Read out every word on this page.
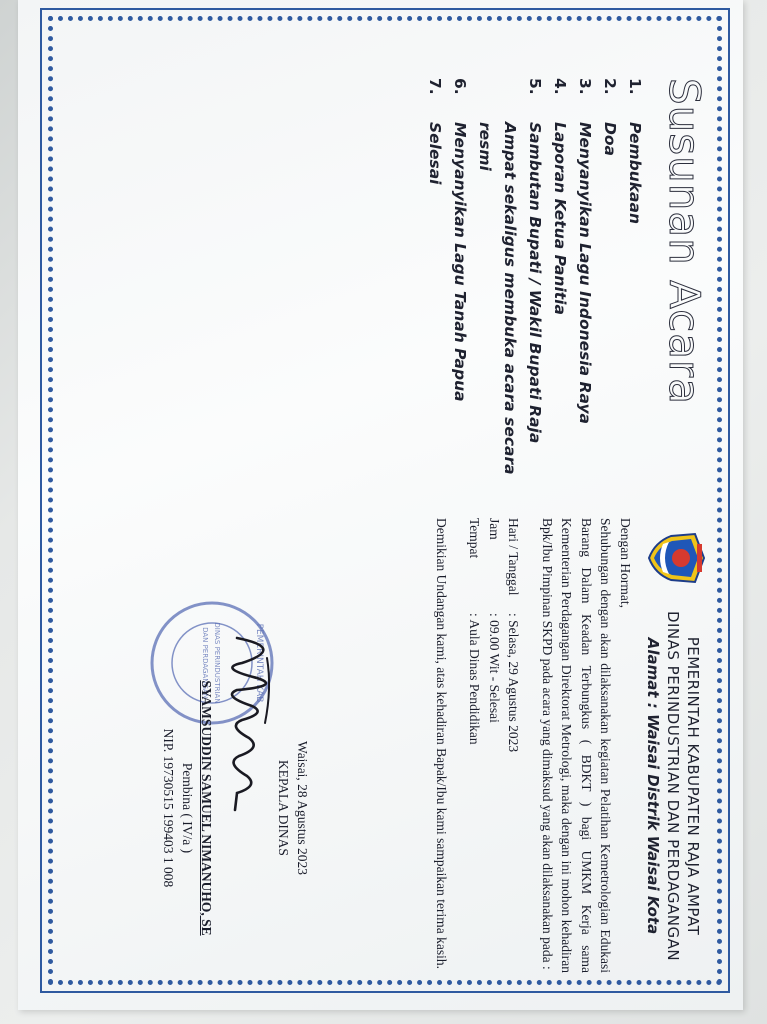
Susunan Acara
1.
Pembukaan
2.
Doa
3.
Menyanyikan Lagu Indonesia Raya
4.
Laporan Ketua Panitia
5.
Sambutan Bupati / Wakil Bupati Raja Ampat sekaligus membuka acara secara resmi
6.
Menyanyikan Lagu Tanah Papua
7.
Selesai
PEMERINTAH KABUPATEN RAJA AMPAT
DINAS PERINDUSTRIAN DAN PERDAGANGAN
Alamat : Waisai Distrik Waisai Kota
Dengan Hormat,
Sehubungan dengan akan dilaksanakan kegiatan Pelatihan Kemetrologian Edukasi Barang Dalam Keadan Terbungkus ( BDKT ) bagi UMKM Kerja sama Kementerian Perdagangan Direktorat Metrologi, maka dengan ini mohon kehadiran Bpk/Ibu Pimpinan SKPD pada acara yang dimaksud yang akan dilaksanakan pada :
Hari / Tanggal
: Selasa, 29 Agustus 2023
Jam
: 09.00 Wit - Selesai
Tempat
: Aula Dinas Pendidikan
Demikian Undangan kami, atas kehadiran Bapak/Ibu kami sampaikan terima kasih.
PEMERINTAH KAB
DINAS PERINDUSTRIAN
DAN PERDAGANGAN
Waisai, 28 Agustus 2023
KEPALA DINAS
SYAMSUDDIN SAMUEL NIMANUHO, SE
Pembina ( IV/a )
NIP. 19730515 199403 1 008
